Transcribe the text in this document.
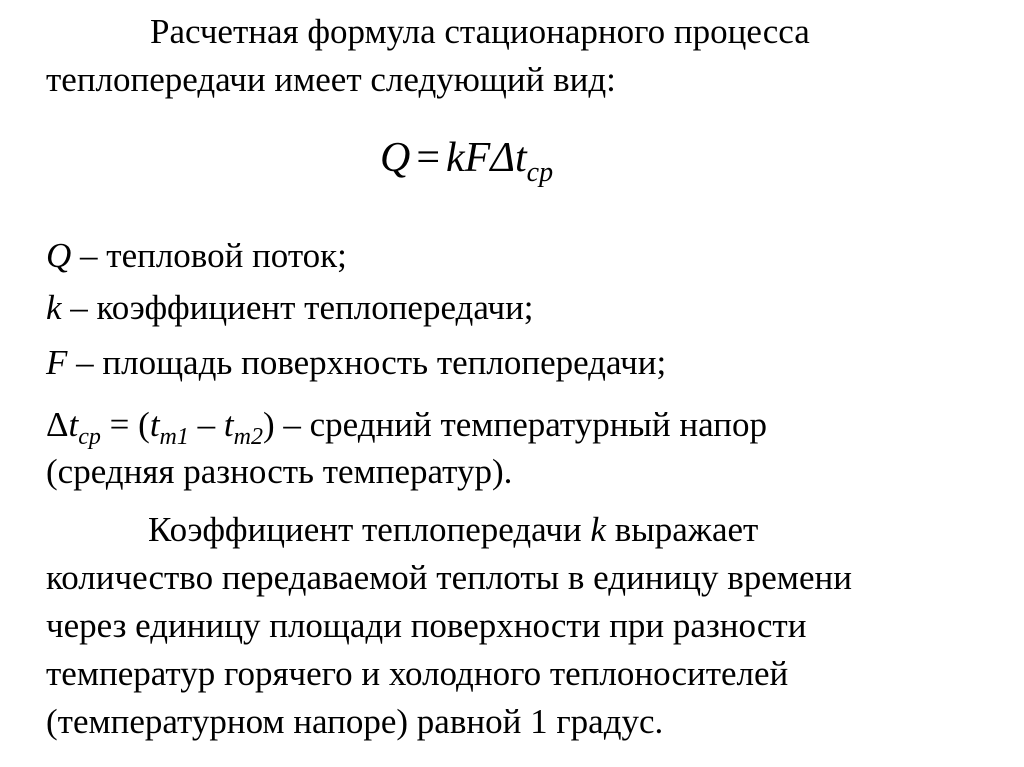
Расчетная формула стационарного процесса
теплопередачи имеет следующий вид:
Q = kFΔt$_{ср}$
Q – тепловой поток;
k – коэффициент теплопередачи;
F – площадь поверхность теплопередачи;
$\Delta t_{ср} = (t_{m1} - t_{m2})$ – средний температурный напор
(средняя разность температур).
Коэффициент теплопередачи k выражает
количество передаваемой теплоты в единицу времени
через единицу площади поверхности при разности
температур горячего и холодного теплоносителей
(температурном напоре) равной 1 градус.
